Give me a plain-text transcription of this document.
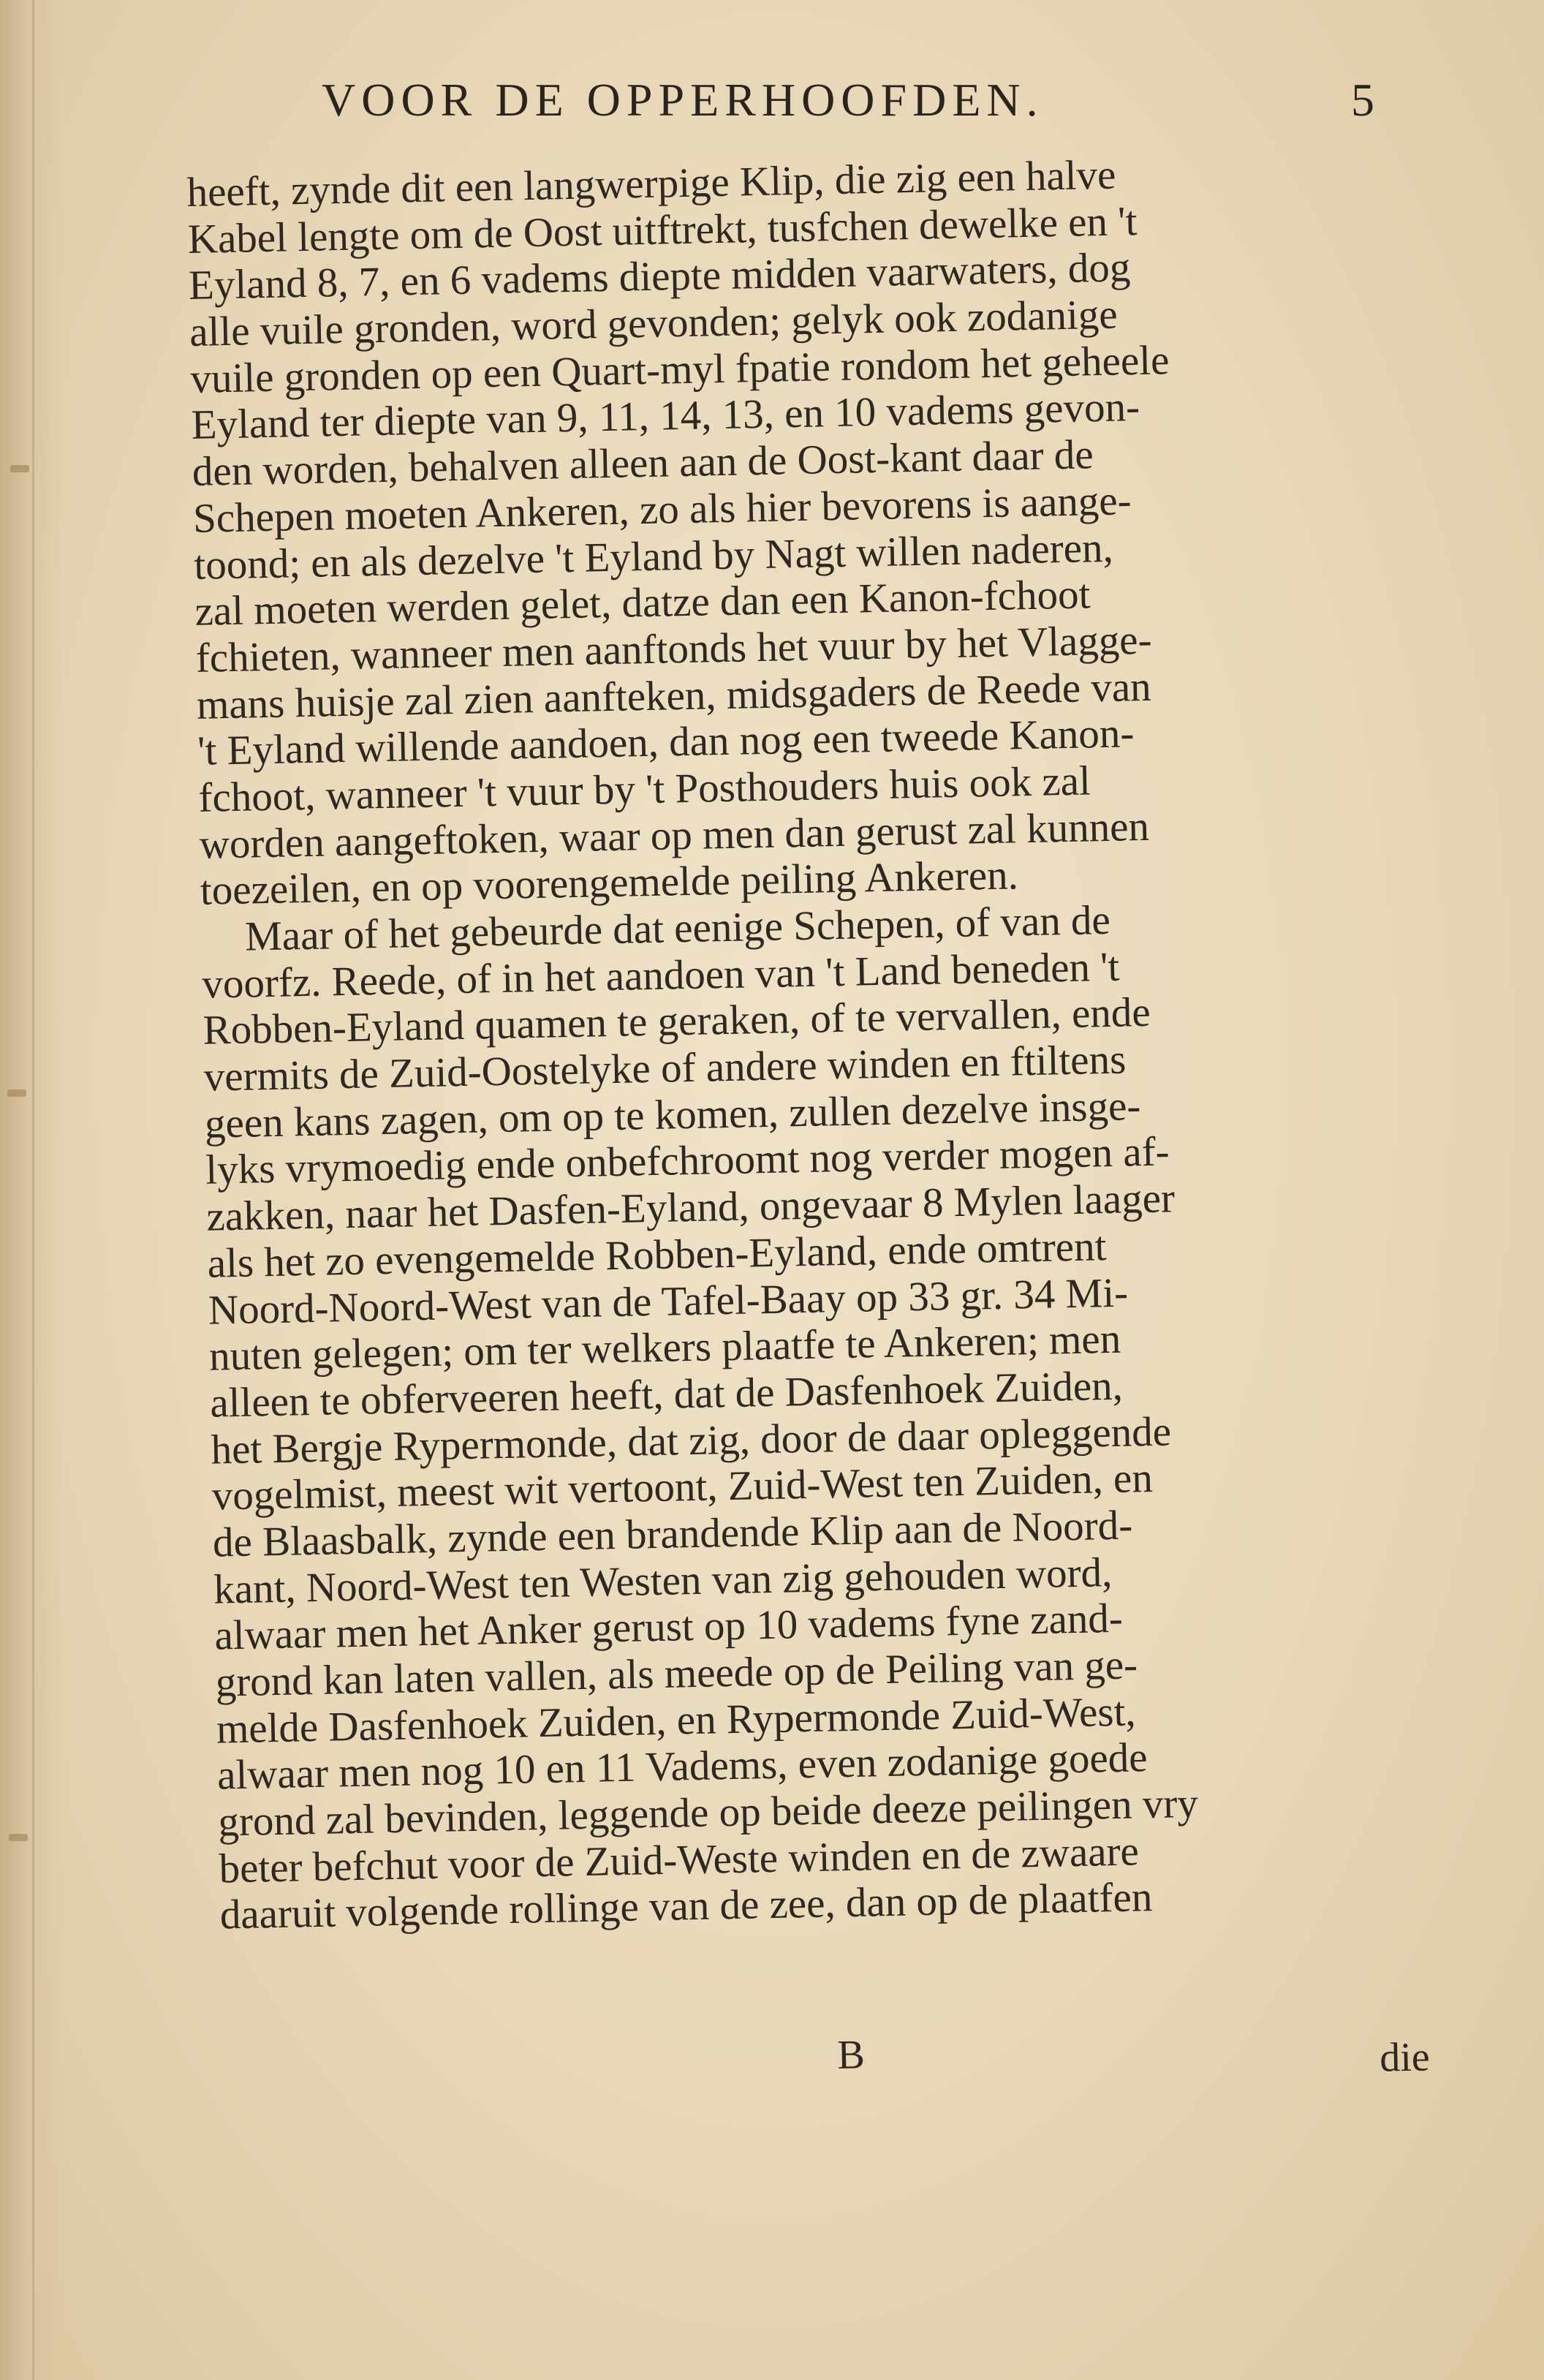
VOOR DE OPPERHOOFDEN.	5
heeft, zynde dit een langwerpige Klip, die zig een halve
Kabel lengte om de Oost uitftrekt, tusfchen dewelke en 't
Eyland 8, 7, en 6 vadems diepte midden vaarwaters, dog
alle vuile gronden, word gevonden; gelyk ook zodanige
vuile gronden op een Quart-myl fpatie rondom het geheele
Eyland ter diepte van 9, 11, 14, 13, en 10 vadems gevon-
den worden, behalven alleen aan de Oost-kant daar de
Schepen moeten Ankeren, zo als hier bevorens is aange-
toond; en als dezelve 't Eyland by Nagt willen naderen,
zal moeten werden gelet, datze dan een Kanon-fchoot
fchieten, wanneer men aanftonds het vuur by het Vlagge-
mans huisje zal zien aanfteken, midsgaders de Reede van
't Eyland willende aandoen, dan nog een tweede Kanon-
fchoot, wanneer 't vuur by 't Posthouders huis ook zal
worden aangeftoken, waar op men dan gerust zal kunnen
toezeilen, en op voorengemelde peiling Ankeren.
Maar of het gebeurde dat eenige Schepen, of van de
voorfz. Reede, of in het aandoen van 't Land beneden 't
Robben-Eyland quamen te geraken, of te vervallen, ende
vermits de Zuid-Oostelyke of andere winden en ftiltens
geen kans zagen, om op te komen, zullen dezelve insge-
lyks vrymoedig ende onbefchroomt nog verder mogen af-
zakken, naar het Dasfen-Eyland, ongevaar 8 Mylen laager
als het zo evengemelde Robben-Eyland, ende omtrent
Noord-Noord-West van de Tafel-Baay op 33 gr. 34 Mi-
nuten gelegen; om ter welkers plaatfe te Ankeren; men
alleen te obferveeren heeft, dat de Dasfenhoek Zuiden,
het Bergje Rypermonde, dat zig, door de daar opleggende
vogelmist, meest wit vertoont, Zuid-West ten Zuiden, en
de Blaasbalk, zynde een brandende Klip aan de Noord-
kant, Noord-West ten Westen van zig gehouden word,
alwaar men het Anker gerust op 10 vadems fyne zand-
grond kan laten vallen, als meede op de Peiling van ge-
melde Dasfenhoek Zuiden, en Rypermonde Zuid-West,
alwaar men nog 10 en 11 Vadems, even zodanige goede
grond zal bevinden, leggende op beide deeze peilingen vry
beter befchut voor de Zuid-Weste winden en de zwaare
daaruit volgende rollinge van de zee, dan op de plaatfen
B	die
